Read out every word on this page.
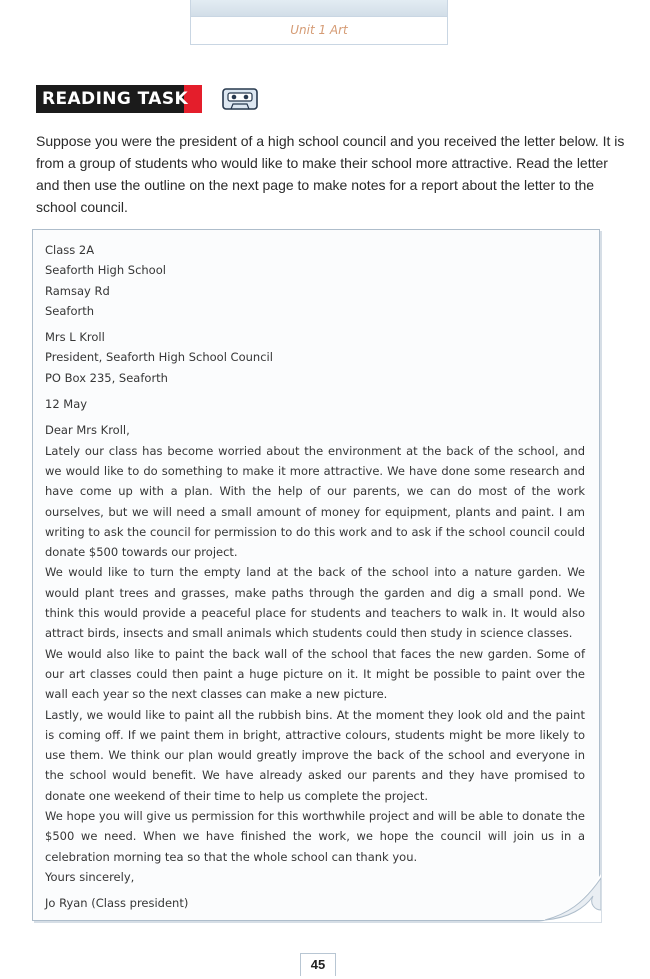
Unit 1 Art
READING TASK

Suppose you were the president of a high school council and you received the letter below. It is from a group of students who would like to make their school more attractive. Read the letter and then use the outline on the next page to make notes for a report about the letter to the school council.

Class 2A
Seaforth High School
Ramsay Rd
Seaforth
Mrs L Kroll
President, Seaforth High School Council
PO Box 235, Seaforth
12 May

Dear Mrs Kroll,

Lately our class has become worried about the environment at the back of the school, and we would like to do something to make it more attractive. We have done some research and have come up with a plan. With the help of our parents, we can do most of the work ourselves, but we will need a small amount of money for equipment, plants and paint. I am writing to ask the council for permission to do this work and to ask if the school council could donate $500 towards our project.

We would like to turn the empty land at the back of the school into a nature garden. We would plant trees and grasses, make paths through the garden and dig a small pond. We think this would provide a peaceful place for students and teachers to walk in. It would also attract birds, insects and small animals which students could then study in science classes.

We would also like to paint the back wall of the school that faces the new garden. Some of our art classes could then paint a huge picture on it. It might be possible to paint over the wall each year so the next classes can make a new picture.

Lastly, we would like to paint all the rubbish bins. At the moment they look old and the paint is coming off. If we paint them in bright, attractive colours, students might be more likely to use them. We think our plan would greatly improve the back of the school and everyone in the school would benefit. We have already asked our parents and they have promised to donate one weekend of their time to help us complete the project.

We hope you will give us permission for this worthwhile project and will be able to donate the $500 we need. When we have finished the work, we hope the council will join us in a celebration morning tea so that the whole school can thank you.

Yours sincerely,

Jo Ryan (Class president)

45
